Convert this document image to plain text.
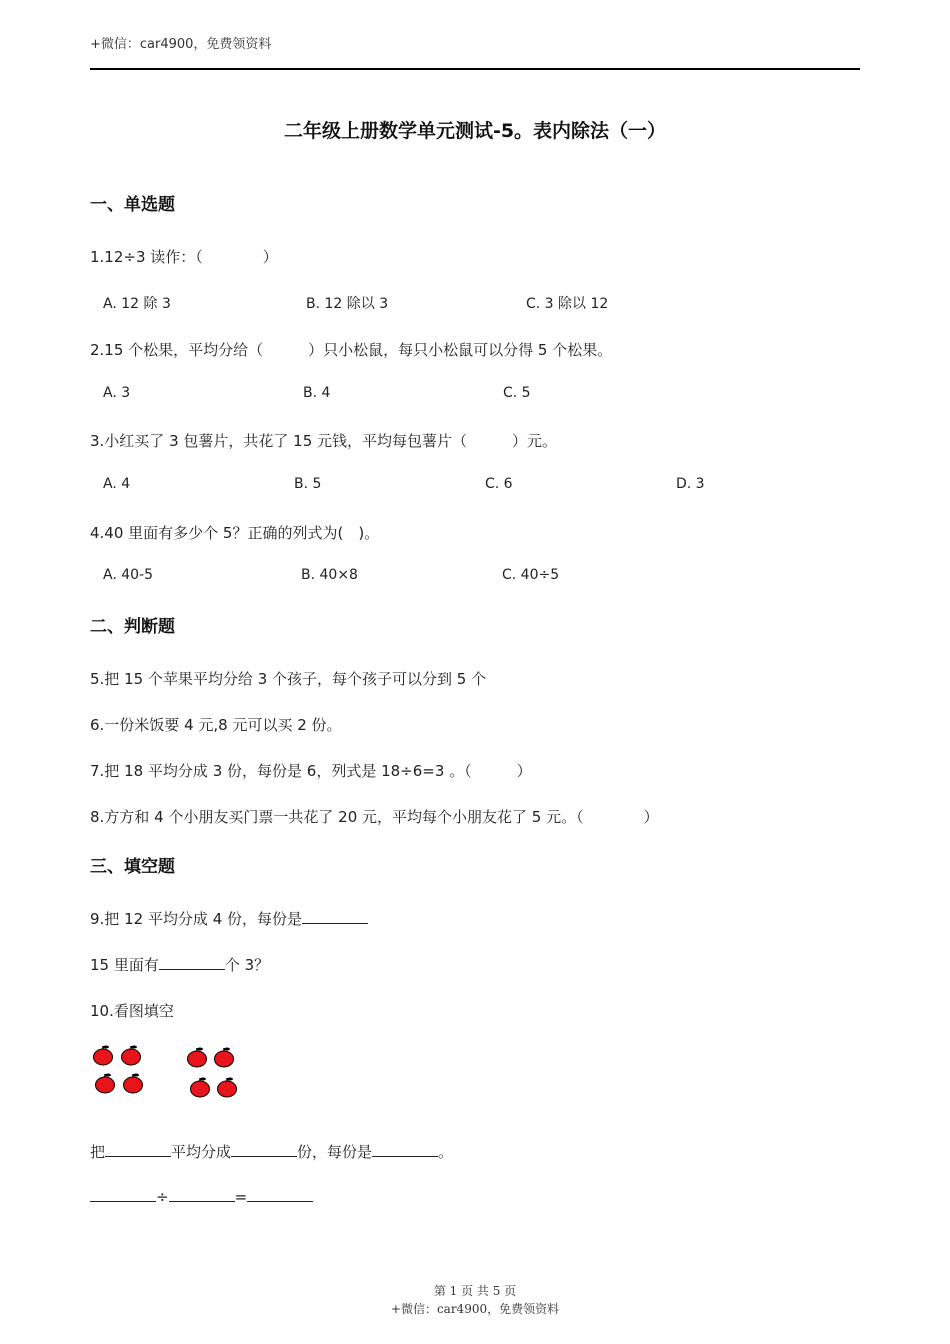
+微信：car4900，免费领资料
二年级上册数学单元测试-5。表内除法（一）
一、单选题
1.12÷3 读作：（　　　　）
A. 12 除 3	B. 12 除以 3	C. 3 除以 12
2.15 个松果，平均分给（　　　）只小松鼠，每只小松鼠可以分得 5 个松果。
A. 3	B. 4	C. 5
3.小红买了 3 包薯片，共花了 15 元钱，平均每包薯片（　　　）元。
A. 4	B. 5	C. 6	D. 3
4.40 里面有多少个 5？正确的列式为(　)。
A. 40-5	B. 40×8	C. 40÷5
二、判断题
5.把 15 个苹果平均分给 3 个孩子，每个孩子可以分到 5 个
6.一份米饭要 4 元,8 元可以买 2 份。
7.把 18 平均分成 3 份，每份是 6，列式是 18÷6=3 。（　　　）
8.方方和 4 个小朋友买门票一共花了 20 元，平均每个小朋友花了 5 元。（　　　　）
三、填空题
9.把 12 平均分成 4 份，每份是
15 里面有	个 3？
10.看图填空
把	平均分成	份，每份是	。
÷	=
第 1 页 共 5 页
+微信：car4900，免费领资料
